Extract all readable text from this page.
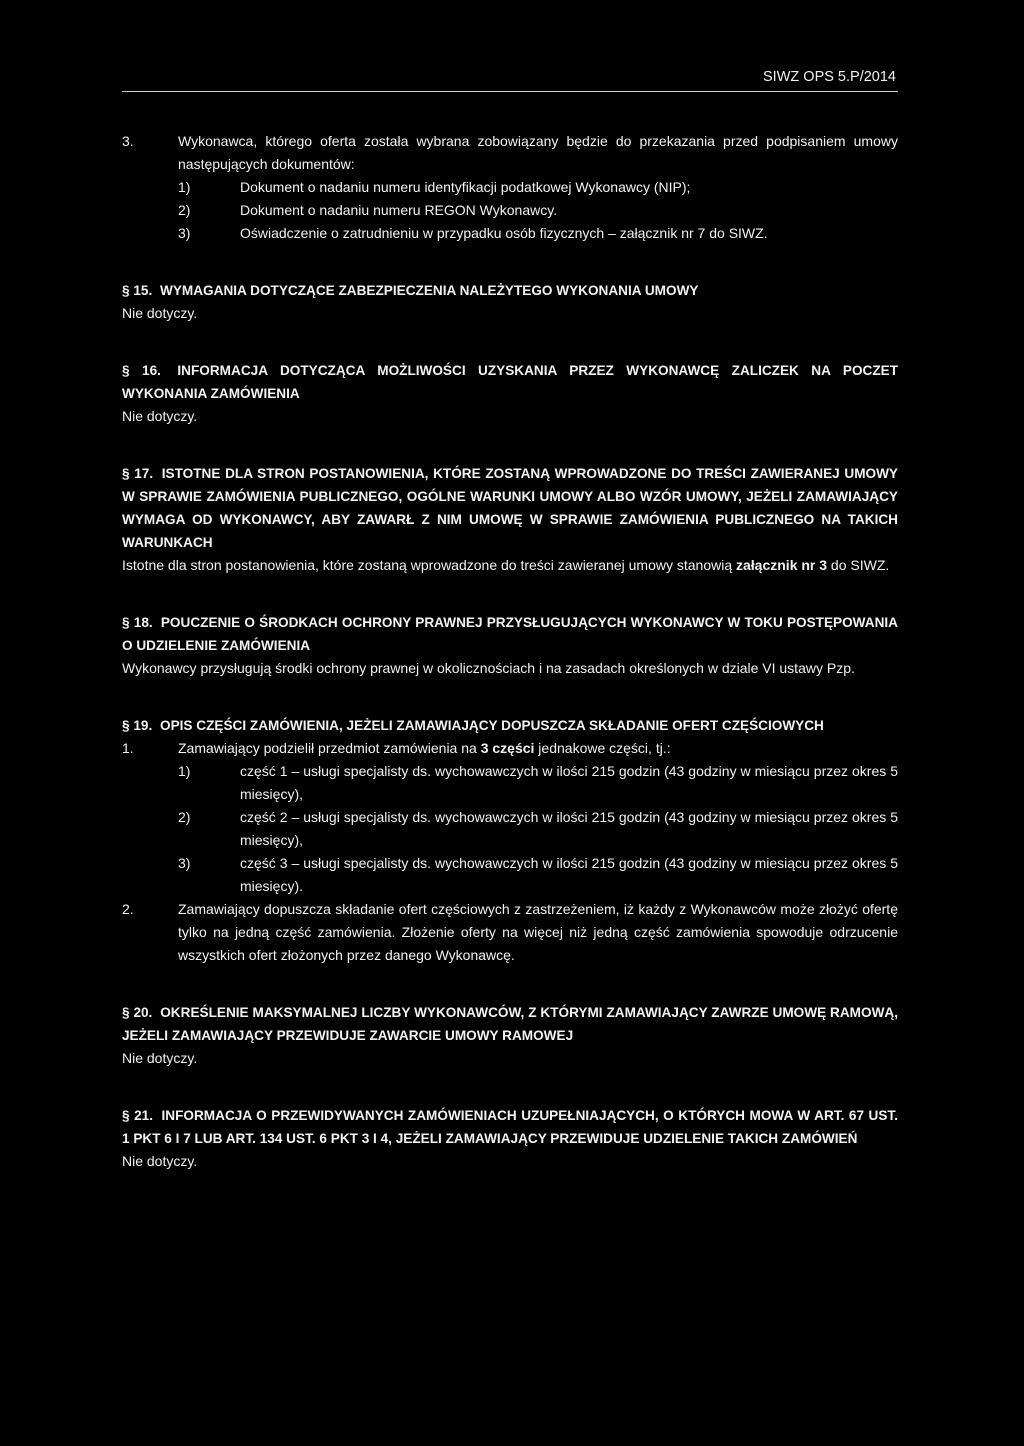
SIWZ OPS 5.P/2014
3.	Wykonawca, którego oferta została wybrana zobowiązany będzie do przekazania przed podpisaniem umowy następujących dokumentów:
1)	Dokument o nadaniu numeru identyfikacji podatkowej Wykonawcy (NIP);
2)	Dokument o nadaniu numeru REGON Wykonawcy.
3)	Oświadczenie o zatrudnieniu w przypadku osób fizycznych – załącznik nr 7 do SIWZ.
§ 15. WYMAGANIA DOTYCZĄCE ZABEZPIECZENIA NALEŻYTEGO WYKONANIA UMOWY
Nie dotyczy.
§ 16. INFORMACJA DOTYCZĄCA MOŻLIWOŚCI UZYSKANIA PRZEZ WYKONAWCĘ ZALICZEK NA POCZET WYKONANIA ZAMÓWIENIA
Nie dotyczy.
§ 17. ISTOTNE DLA STRON POSTANOWIENIA, KTÓRE ZOSTANĄ WPROWADZONE DO TREŚCI ZAWIERANEJ UMOWY W SPRAWIE ZAMÓWIENIA PUBLICZNEGO, OGÓLNE WARUNKI UMOWY ALBO WZÓR UMOWY, JEŻELI ZAMAWIAJĄCY WYMAGA OD WYKONAWCY, ABY ZAWARŁ Z NIM UMOWĘ W SPRAWIE ZAMÓWIENIA PUBLICZNEGO NA TAKICH WARUNKACH
Istotne dla stron postanowienia, które zostaną wprowadzone do treści zawieranej umowy stanowią załącznik nr 3 do SIWZ.
§ 18. POUCZENIE O ŚRODKACH OCHRONY PRAWNEJ PRZYSŁUGUJĄCYCH WYKONAWCY W TOKU POSTĘPOWANIA O UDZIELENIE ZAMÓWIENIA
Wykonawcy przysługują środki ochrony prawnej w okolicznościach i na zasadach określonych w dziale VI ustawy Pzp.
§ 19. OPIS CZĘŚCI ZAMÓWIENIA, JEŻELI ZAMAWIAJĄCY DOPUSZCZA SKŁADANIE OFERT CZĘŚCIOWYCH
1.	Zamawiający podzielił przedmiot zamówienia na 3 części jednakowe części, tj.:
1)	część 1 – usługi specjalisty ds. wychowawczych w ilości 215 godzin (43 godziny w miesiącu przez okres 5 miesięcy),
2)	część 2 – usługi specjalisty ds. wychowawczych w ilości 215 godzin (43 godziny w miesiącu przez okres 5 miesięcy),
3)	część 3 – usługi specjalisty ds. wychowawczych w ilości 215 godzin (43 godziny w miesiącu przez okres 5 miesięcy).
2.	Zamawiający dopuszcza składanie ofert częściowych z zastrzeżeniem, iż każdy z Wykonawców może złożyć ofertę tylko na jedną część zamówienia. Złożenie oferty na więcej niż jedną część zamówienia spowoduje odrzucenie wszystkich ofert złożonych przez danego Wykonawcę.
§ 20. OKREŚLENIE MAKSYMALNEJ LICZBY WYKONAWCÓW, Z KTÓRYMI ZAMAWIAJĄCY ZAWRZE UMOWĘ RAMOWĄ, JEŻELI ZAMAWIAJĄCY PRZEWIDUJE ZAWARCIE UMOWY RAMOWEJ
Nie dotyczy.
§ 21. INFORMACJA O PRZEWIDYWANYCH ZAMÓWIENIACH UZUPEŁNIAJĄCYCH, O KTÓRYCH MOWA W ART. 67 UST. 1 PKT 6 I 7 LUB ART. 134 UST. 6 PKT 3 I 4, JEŻELI ZAMAWIAJĄCY PRZEWIDUJE UDZIELENIE TAKICH ZAMÓWIEŃ
Nie dotyczy.
